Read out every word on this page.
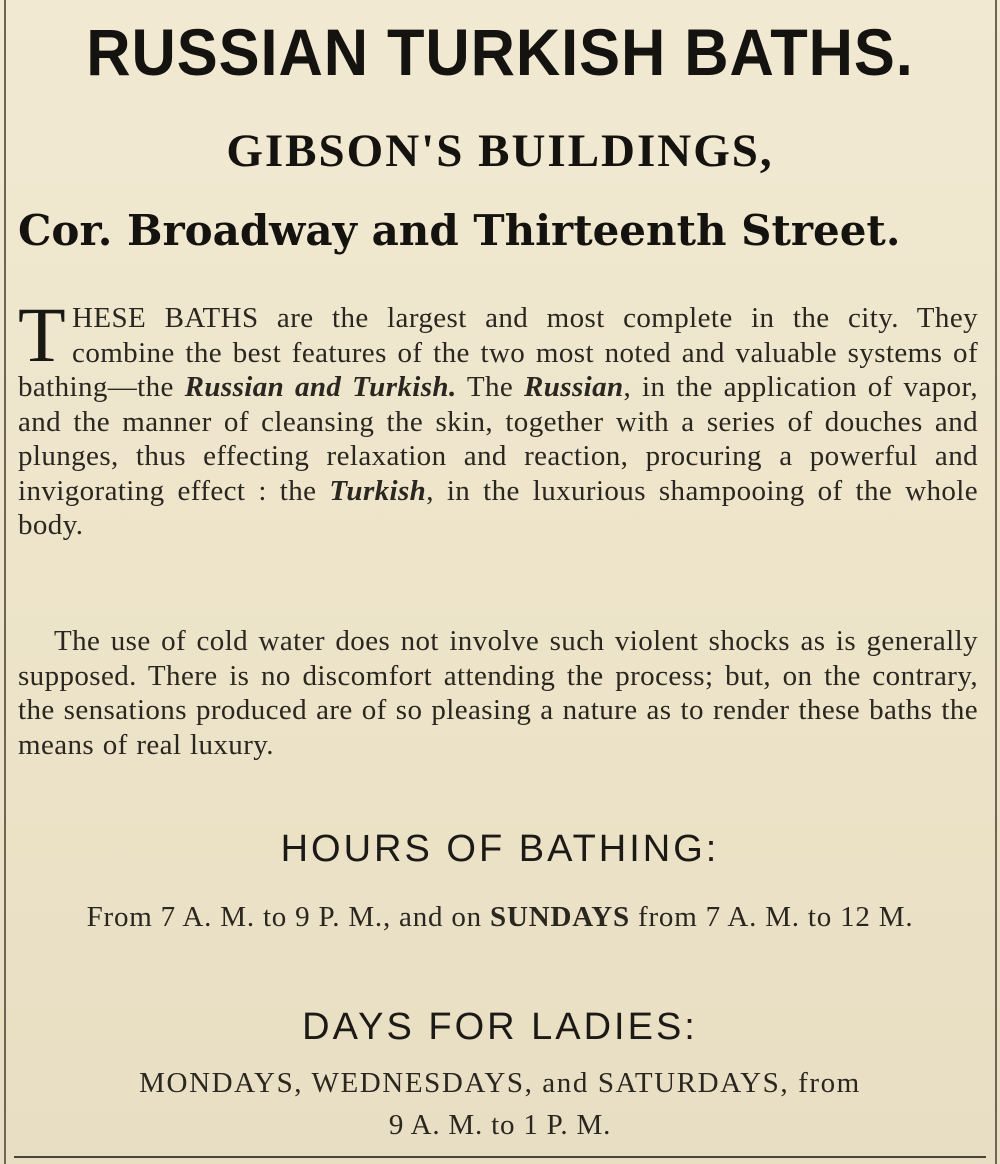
RUSSIAN TURKISH BATHS.
GIBSON'S BUILDINGS,
Cor. Broadway and Thirteenth Street.
THESE BATHS are the largest and most complete in the city. They combine the best features of the two most noted and valuable systems of bathing—the Russian and Turkish. The Russian, in the application of vapor, and the manner of cleansing the skin, together with a series of douches and plunges, thus effecting relaxation and reaction, procuring a powerful and invigorating effect : the Turkish, in the luxurious shampooing of the whole body.
The use of cold water does not involve such violent shocks as is generally supposed. There is no discomfort attending the process; but, on the contrary, the sensations produced are of so pleasing a nature as to render these baths the means of real luxury.
HOURS OF BATHING:
From 7 A. M. to 9 P. M., and on SUNDAYS from 7 A. M. to 12 M.
DAYS FOR LADIES:
MONDAYS, WEDNESDAYS, and SATURDAYS, from
9 A. M. to 1 P. M.
